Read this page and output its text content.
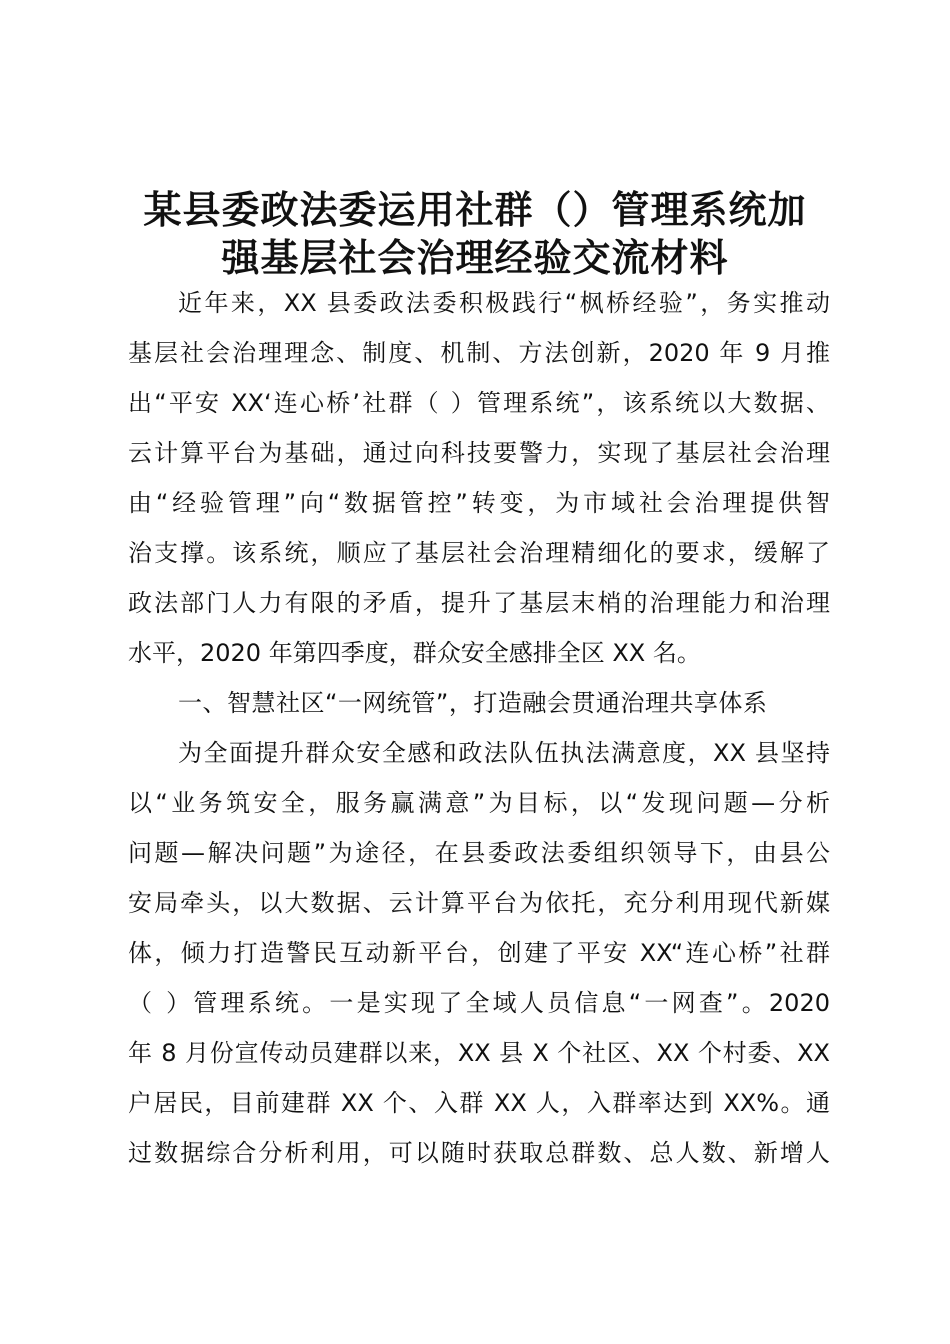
某县委政法委运用社群（）管理系统加
强基层社会治理经验交流材料
近年来，XX 县委政法委积极践行“枫桥经验”，务实推动
基层社会治理理念、制度、机制、方法创新，2020 年 9 月推
出“平安 XX‘连心桥’社群（ ）管理系统”，该系统以大数据、
云计算平台为基础，通过向科技要警力，实现了基层社会治理
由“经验管理”向“数据管控”转变，为市域社会治理提供智
治支撑。该系统，顺应了基层社会治理精细化的要求，缓解了
政法部门人力有限的矛盾，提升了基层末梢的治理能力和治理
水平，2020 年第四季度，群众安全感排全区 XX 名。
一、智慧社区“一网统管”，打造融会贯通治理共享体系
为全面提升群众安全感和政法队伍执法满意度，XX 县坚持
以“业务筑安全，服务赢满意”为目标，以“发现问题—分析
问题—解决问题”为途径，在县委政法委组织领导下，由县公
安局牵头，以大数据、云计算平台为依托，充分利用现代新媒
体，倾力打造警民互动新平台，创建了平安 XX“连心桥”社群
（ ）管理系统。一是实现了全域人员信息“一网查”。2020
年 8 月份宣传动员建群以来，XX 县 X 个社区、XX 个村委、XX
户居民，目前建群 XX 个、入群 XX 人，入群率达到 XX%。通
过数据综合分析利用，可以随时获取总群数、总人数、新增人
